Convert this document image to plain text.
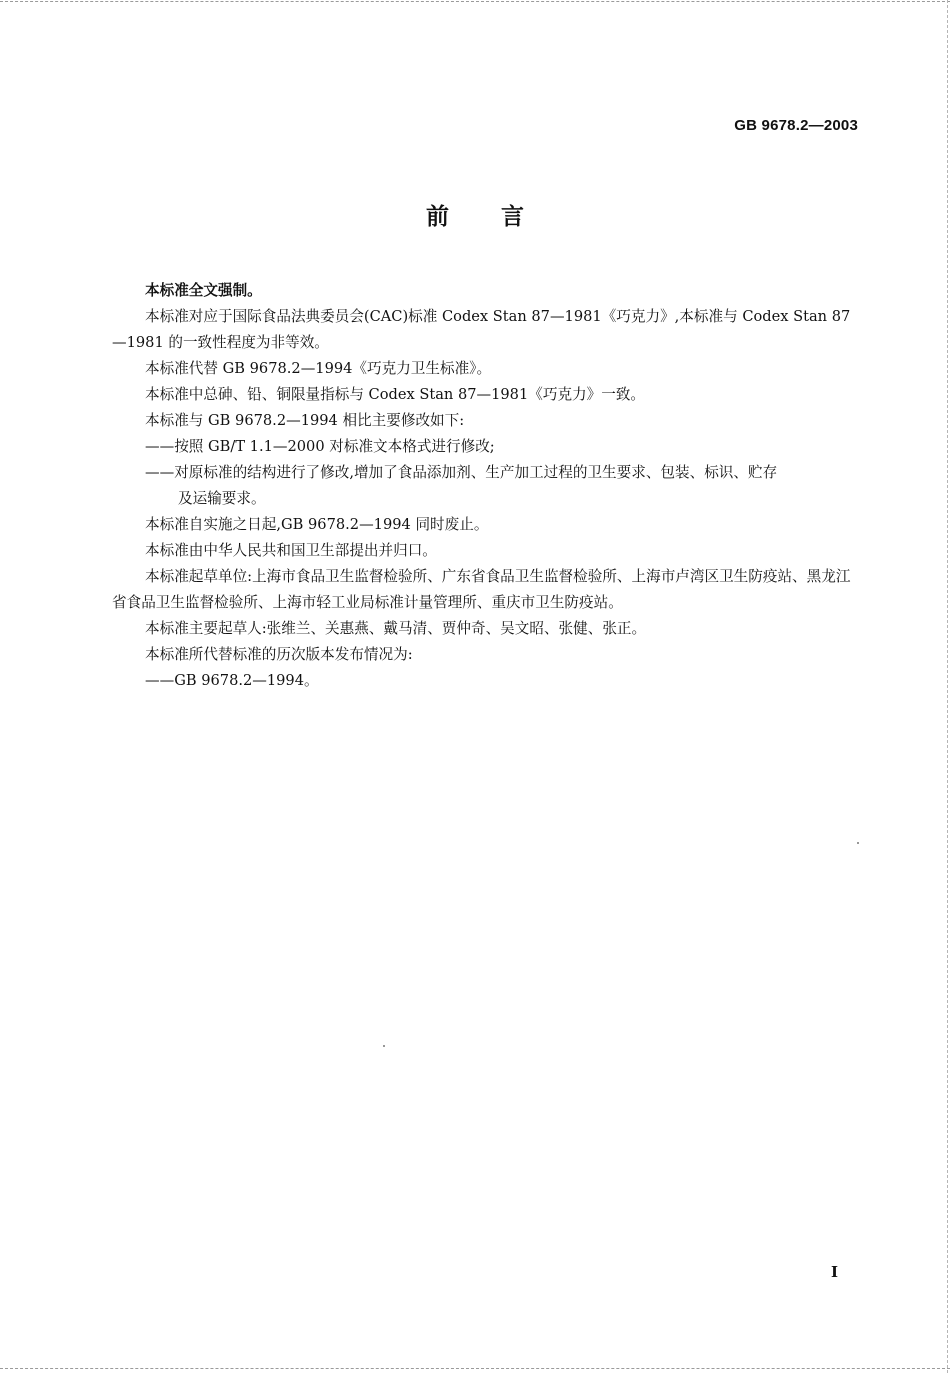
GB 9678.2—2003
前 言

本标准全文强制。

本标准对应于国际食品法典委员会(CAC)标准 Codex Stan 87—1981《巧克力》,本标准与 Codex Stan 87—1981 的一致性程度为非等效。

本标准代替 GB 9678.2—1994《巧克力卫生标准》。

本标准中总砷、铅、铜限量指标与 Codex Stan 87—1981《巧克力》一致。

本标准与 GB 9678.2—1994 相比主要修改如下:

——按照 GB/T 1.1—2000 对标准文本格式进行修改;

——对原标准的结构进行了修改,增加了食品添加剂、生产加工过程的卫生要求、包装、标识、贮存
及运输要求。

本标准自实施之日起,GB 9678.2—1994 同时废止。

本标准由中华人民共和国卫生部提出并归口。

本标准起草单位:上海市食品卫生监督检验所、广东省食品卫生监督检验所、上海市卢湾区卫生防疫站、黑龙江省食品卫生监督检验所、上海市轻工业局标准计量管理所、重庆市卫生防疫站。

本标准主要起草人:张维兰、关惠燕、戴马清、贾仲奇、吴文昭、张健、张正。

本标准所代替标准的历次版本发布情况为:

——GB 9678.2—1994。

I
